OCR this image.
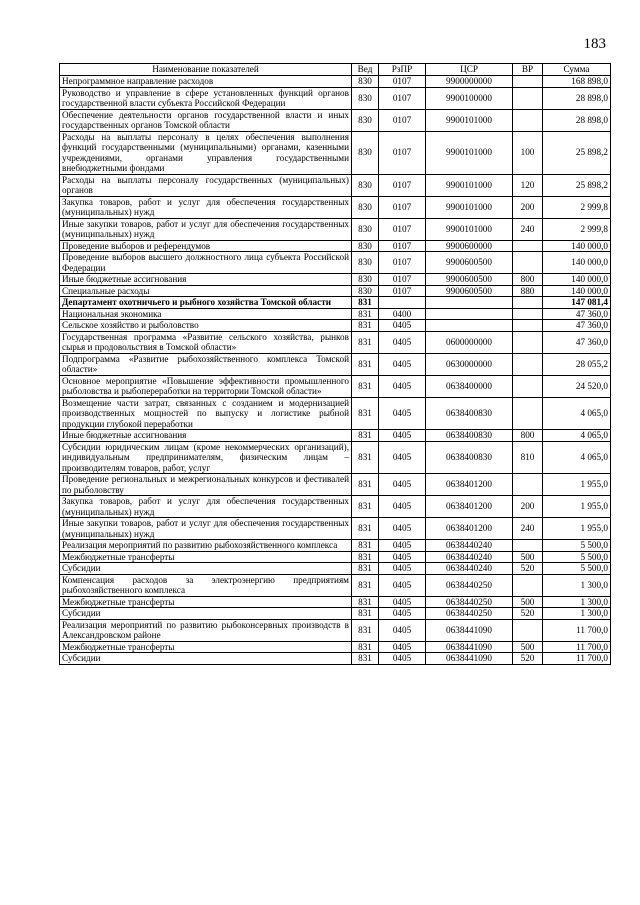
183
Наименование показателей	Вед	РзПР	ЦСР	ВР	Сумма
Непрограммное направление расходов	830	0107	9900000000		168 898,0
Руководство и управление в сфере установленных функций органов государственной власти субъекта Российской Федерации	830	0107	9900100000		28 898,0
Обеспечение деятельности органов государственной власти и иных государственных органов Томской области	830	0107	9900101000		28 898,0
Расходы на выплаты персоналу в целях обеспечения выполнения функций государственными (муниципальными) органами, казенными учреждениями, органами управления государственными внебюджетными фондами	830	0107	9900101000	100	25 898,2
Расходы на выплаты персоналу государственных (муниципальных) органов	830	0107	9900101000	120	25 898,2
Закупка товаров, работ и услуг для обеспечения государственных (муниципальных) нужд	830	0107	9900101000	200	2 999,8
Иные закупки товаров, работ и услуг для обеспечения государственных (муниципальных) нужд	830	0107	9900101000	240	2 999,8
Проведение выборов и референдумов	830	0107	9900600000		140 000,0
Проведение выборов высшего должностного лица субъекта Российской Федерации	830	0107	9900600500		140 000,0
Иные бюджетные ассигнования	830	0107	9900600500	800	140 000,0
Специальные расходы	830	0107	9900600500	880	140 000,0
Департамент охотничьего и рыбного хозяйства Томской области	831				147 081,4
Национальная экономика	831	0400			47 360,0
Сельское хозяйство и рыболовство	831	0405			47 360,0
Государственная программа «Развитие сельского хозяйства, рынков сырья и продовольствия в Томской области»	831	0405	0600000000		47 360,0
Подпрограмма «Развитие рыбохозяйственного комплекса Томской области»	831	0405	0630000000		28 055,2
Основное мероприятие «Повышение эффективности промышленного рыболовства и рыбопереработки на территории Томской области»	831	0405	0638400000		24 520,0
Возмещение части затрат, связанных с созданием и модернизацией производственных мощностей по выпуску и логистике рыбной продукции глубокой переработки	831	0405	0638400830		4 065,0
Иные бюджетные ассигнования	831	0405	0638400830	800	4 065,0
Субсидии юридическим лицам (кроме некоммерческих организаций), индивидуальным предпринимателям, физическим лицам – производителям товаров, работ, услуг	831	0405	0638400830	810	4 065,0
Проведение региональных и межрегиональных конкурсов и фестивалей по рыболовству	831	0405	0638401200		1 955,0
Закупка товаров, работ и услуг для обеспечения государственных (муниципальных) нужд	831	0405	0638401200	200	1 955,0
Иные закупки товаров, работ и услуг для обеспечения государственных (муниципальных) нужд	831	0405	0638401200	240	1 955,0
Реализация мероприятий по развитию рыбохозяйственного комплекса	831	0405	0638440240		5 500,0
Межбюджетные трансферты	831	0405	0638440240	500	5 500,0
Субсидии	831	0405	0638440240	520	5 500,0
Компенсация расходов за электроэнергию предприятиям рыбохозяйственного комплекса	831	0405	0638440250		1 300,0
Межбюджетные трансферты	831	0405	0638440250	500	1 300,0
Субсидии	831	0405	0638440250	520	1 300,0
Реализация мероприятий по развитию рыбоконсервных производств в Александровском районе	831	0405	0638441090		11 700,0
Межбюджетные трансферты	831	0405	0638441090	500	11 700,0
Субсидии	831	0405	0638441090	520	11 700,0
